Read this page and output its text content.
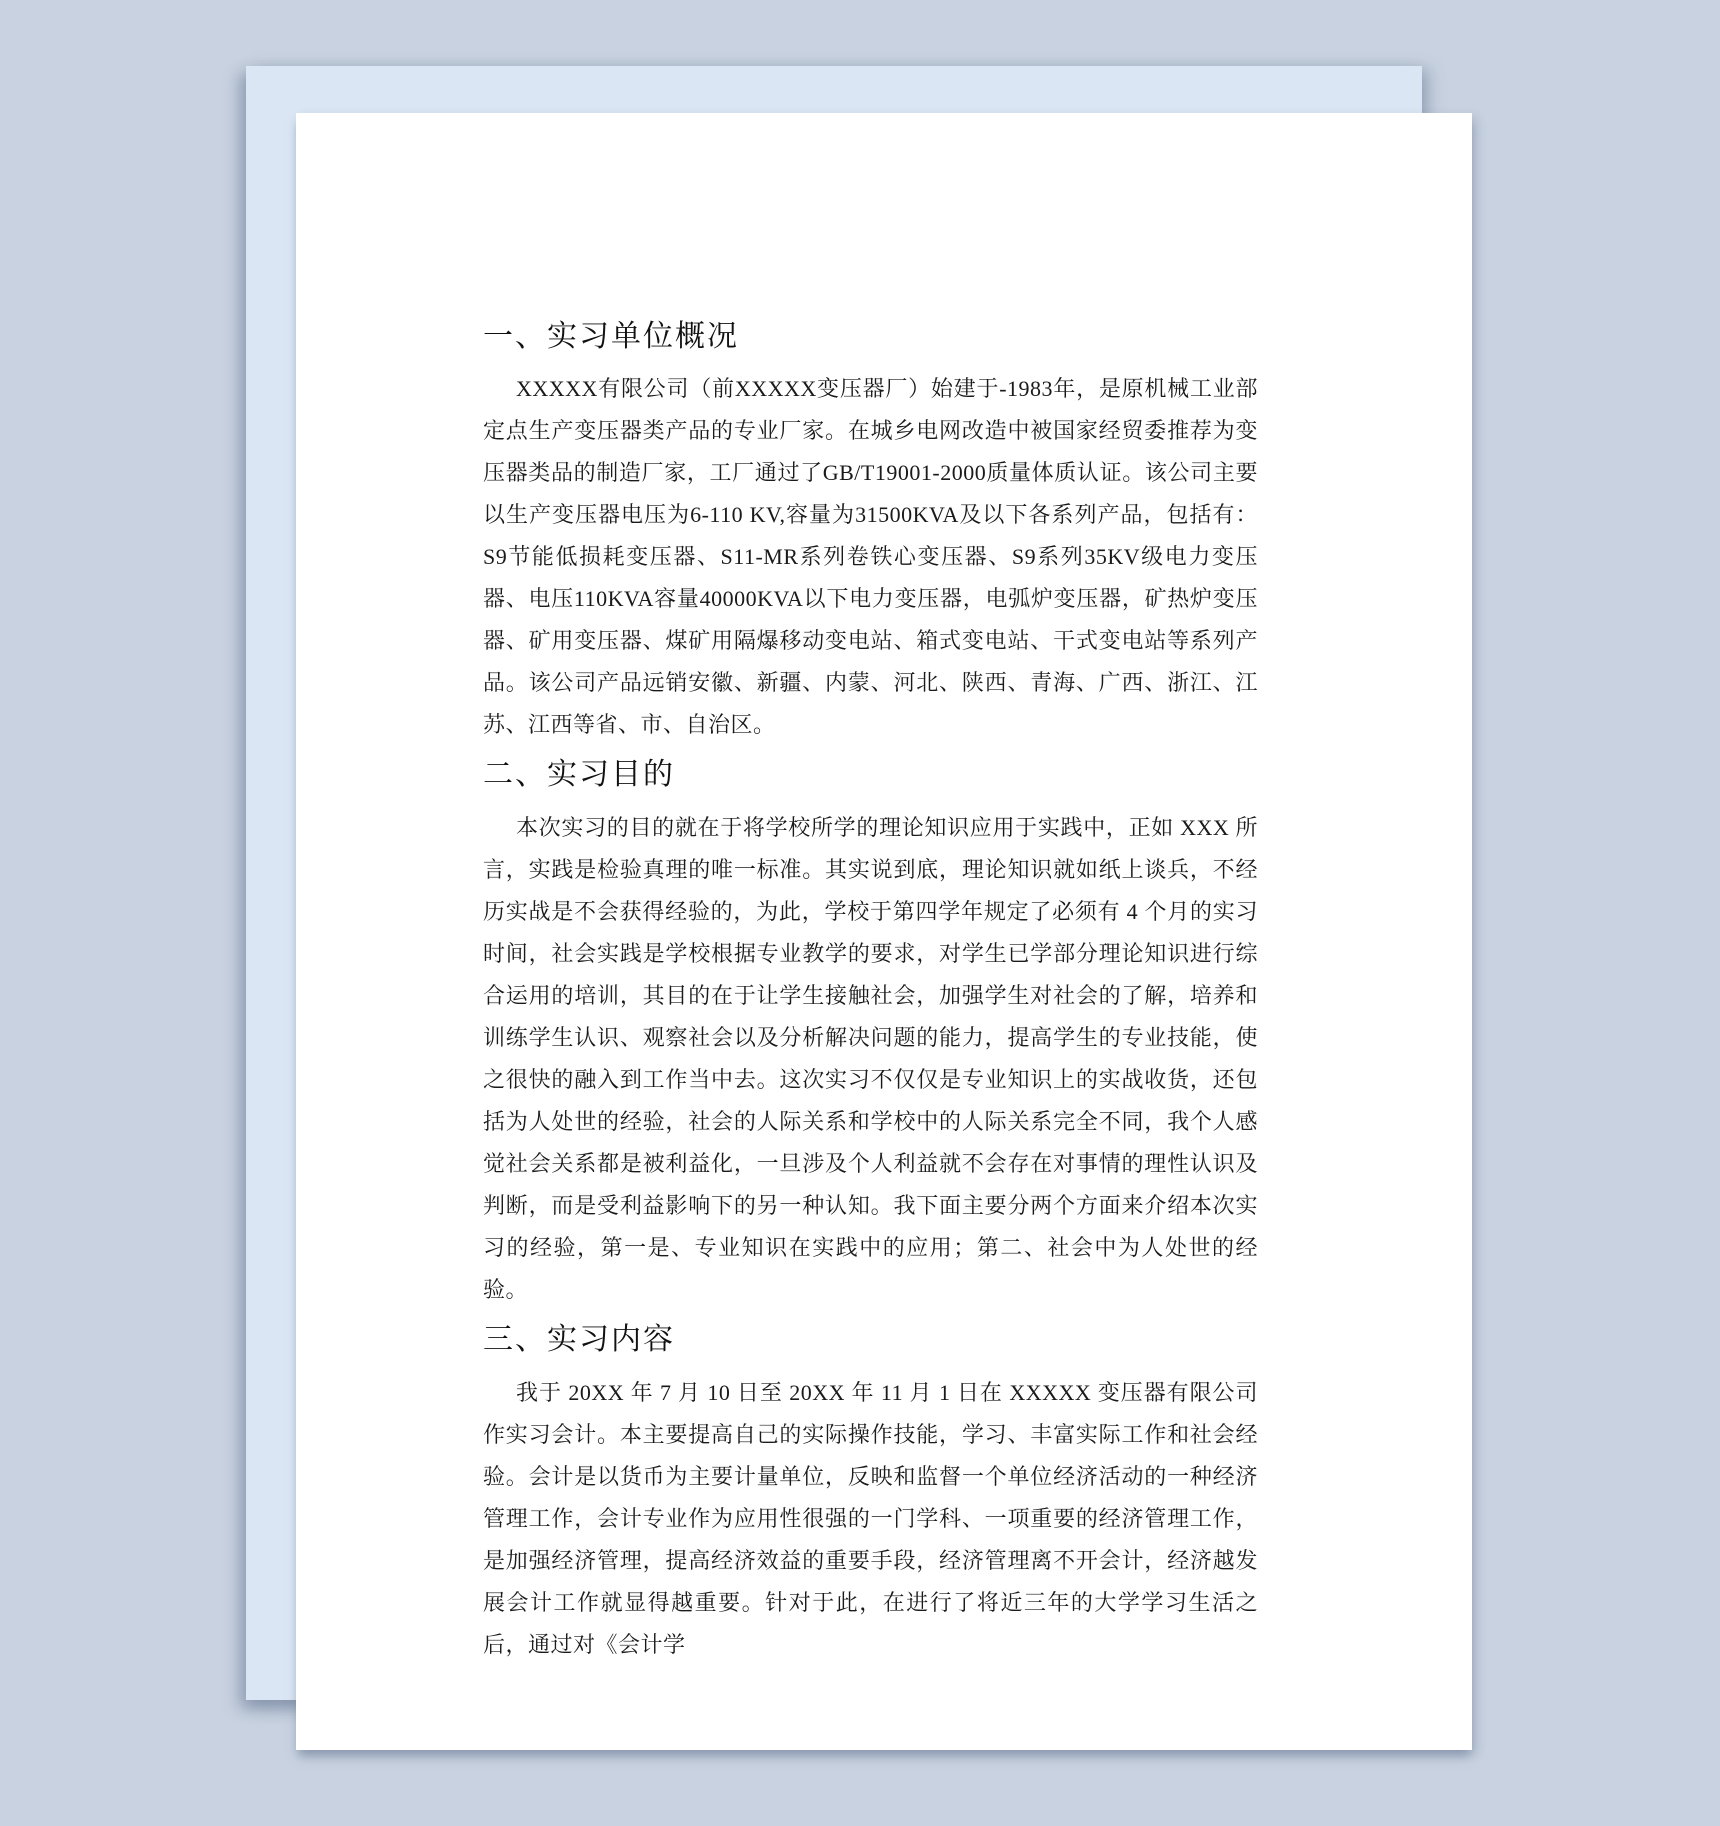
一、实习单位概况

XXXXX有限公司（前XXXXX变压器厂）始建于-1983年，是原机械工业部定点生产变压器类产品的专业厂家。在城乡电网改造中被国家经贸委推荐为变压器类品的制造厂家，工厂通过了GB/T19001-2000质量体质认证。该公司主要以生产变压器电压为6-110 KV,容量为31500KVA及以下各系列产品，包括有：S9节能低损耗变压器、S11-MR系列卷铁心变压器、S9系列35KV级电力变压器、电压110KVA容量40000KVA以下电力变压器，电弧炉变压器，矿热炉变压器、矿用变压器、煤矿用隔爆移动变电站、箱式变电站、干式变电站等系列产品。该公司产品远销安徽、新疆、内蒙、河北、陕西、青海、广西、浙江、江苏、江西等省、市、自治区。

二、实习目的

本次实习的目的就在于将学校所学的理论知识应用于实践中，正如 XXX 所言，实践是检验真理的唯一标准。其实说到底，理论知识就如纸上谈兵，不经历实战是不会获得经验的，为此，学校于第四学年规定了必须有 4 个月的实习时间，社会实践是学校根据专业教学的要求，对学生已学部分理论知识进行综合运用的培训，其目的在于让学生接触社会，加强学生对社会的了解，培养和训练学生认识、观察社会以及分析解决问题的能力，提高学生的专业技能，使之很快的融入到工作当中去。这次实习不仅仅是专业知识上的实战收货，还包括为人处世的经验，社会的人际关系和学校中的人际关系完全不同，我个人感觉社会关系都是被利益化，一旦涉及个人利益就不会存在对事情的理性认识及判断，而是受利益影响下的另一种认知。我下面主要分两个方面来介绍本次实习的经验，第一是、专业知识在实践中的应用；第二、社会中为人处世的经验。

三、实习内容

我于 20XX 年 7 月 10 日至 20XX 年 11 月 1 日在 XXXXX 变压器有限公司作实习会计。本主要提高自己的实际操作技能，学习、丰富实际工作和社会经验。会计是以货币为主要计量单位，反映和监督一个单位经济活动的一种经济管理工作，会计专业作为应用性很强的一门学科、一项重要的经济管理工作，是加强经济管理，提高经济效益的重要手段，经济管理离不开会计，经济越发展会计工作就显得越重要。针对于此，在进行了将近三年的大学学习生活之后，通过对《会计学
